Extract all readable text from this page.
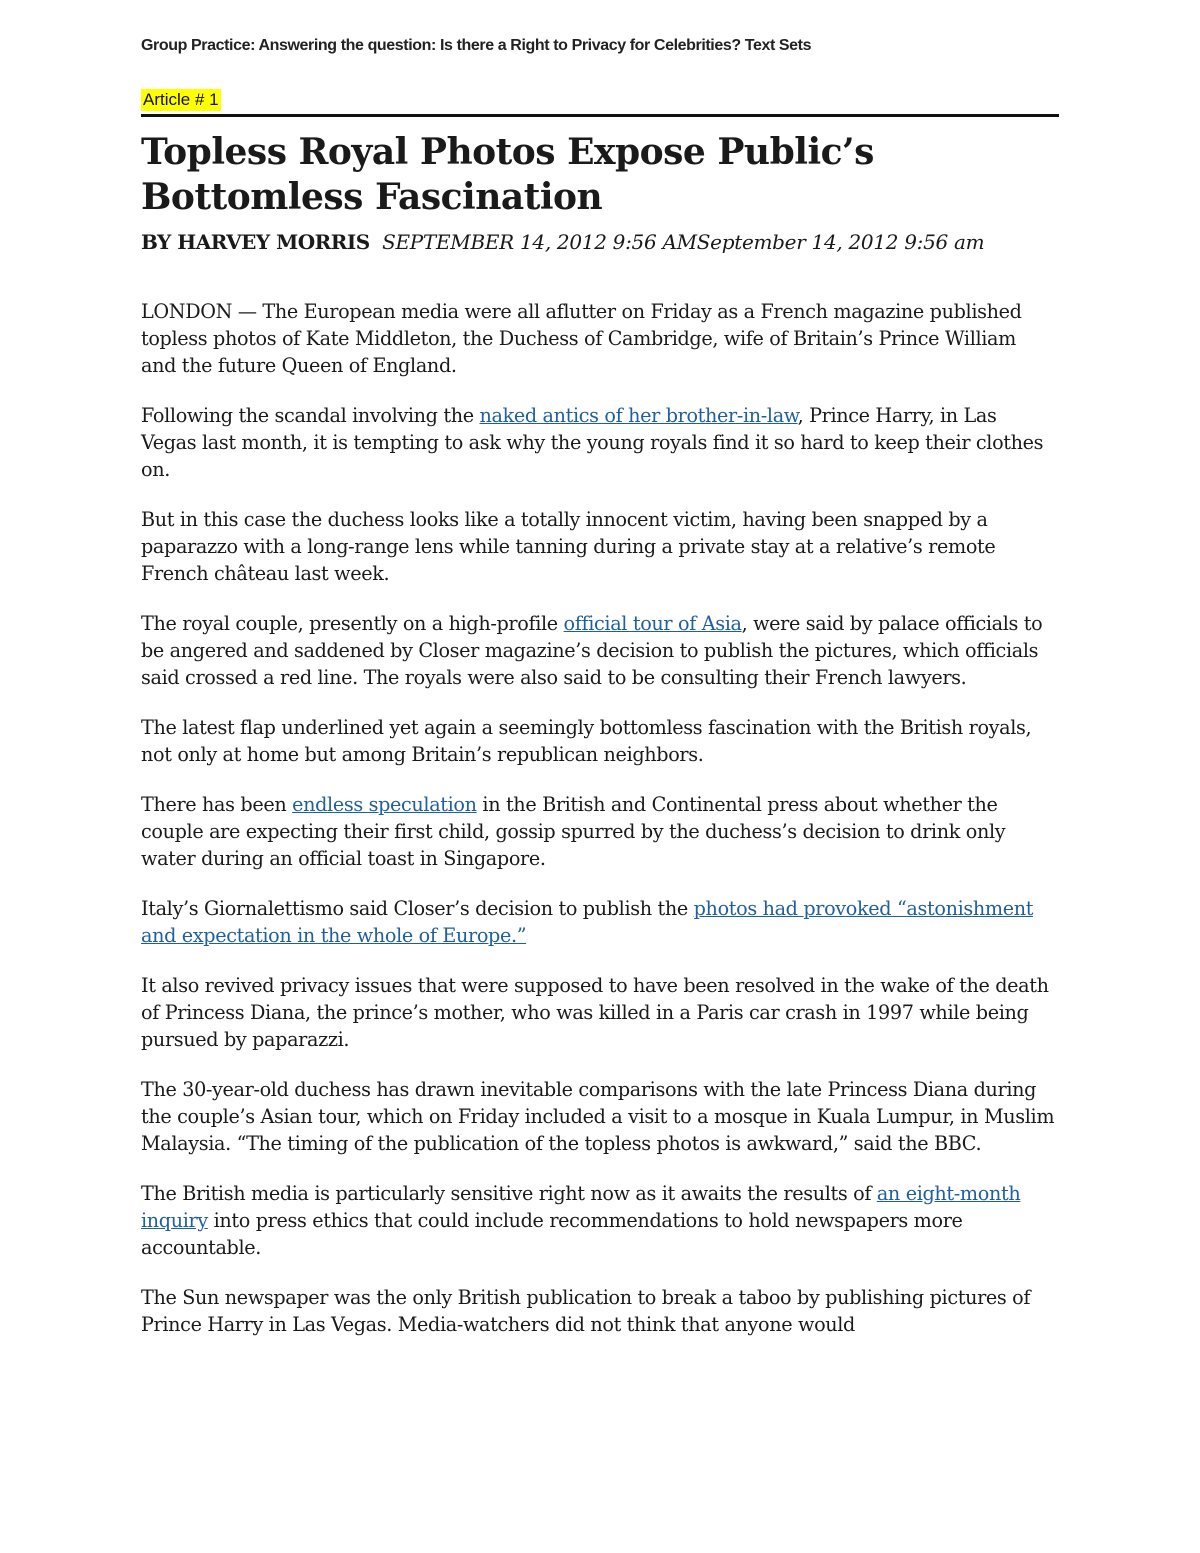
Group Practice: Answering the question: Is there a Right to Privacy for Celebrities? Text Sets
Article # 1
Topless Royal Photos Expose Public’s Bottomless Fascination
BY HARVEY MORRIS SEPTEMBER 14, 2012 9:56 AMSeptember 14, 2012 9:56 am

LONDON — The European media were all aflutter on Friday as a French magazine published topless photos of Kate Middleton, the Duchess of Cambridge, wife of Britain’s Prince William and the future Queen of England.

Following the scandal involving the naked antics of her brother-in-law, Prince Harry, in Las Vegas last month, it is tempting to ask why the young royals find it so hard to keep their clothes on.

But in this case the duchess looks like a totally innocent victim, having been snapped by a paparazzo with a long-range lens while tanning during a private stay at a relative’s remote French château last week.

The royal couple, presently on a high-profile official tour of Asia, were said by palace officials to be angered and saddened by Closer magazine’s decision to publish the pictures, which officials said crossed a red line. The royals were also said to be consulting their French lawyers.

The latest flap underlined yet again a seemingly bottomless fascination with the British royals, not only at home but among Britain’s republican neighbors.

There has been endless speculation in the British and Continental press about whether the couple are expecting their first child, gossip spurred by the duchess’s decision to drink only water during an official toast in Singapore.

Italy’s Giornalettismo said Closer’s decision to publish the photos had provoked “astonishment and expectation in the whole of Europe.”

It also revived privacy issues that were supposed to have been resolved in the wake of the death of Princess Diana, the prince’s mother, who was killed in a Paris car crash in 1997 while being pursued by paparazzi.

The 30-year-old duchess has drawn inevitable comparisons with the late Princess Diana during the couple’s Asian tour, which on Friday included a visit to a mosque in Kuala Lumpur, in Muslim Malaysia. “The timing of the publication of the topless photos is awkward,” said the BBC.

The British media is particularly sensitive right now as it awaits the results of an eight-month inquiry into press ethics that could include recommendations to hold newspapers more accountable.

The Sun newspaper was the only British publication to break a taboo by publishing pictures of Prince Harry in Las Vegas. Media-watchers did not think that anyone would
